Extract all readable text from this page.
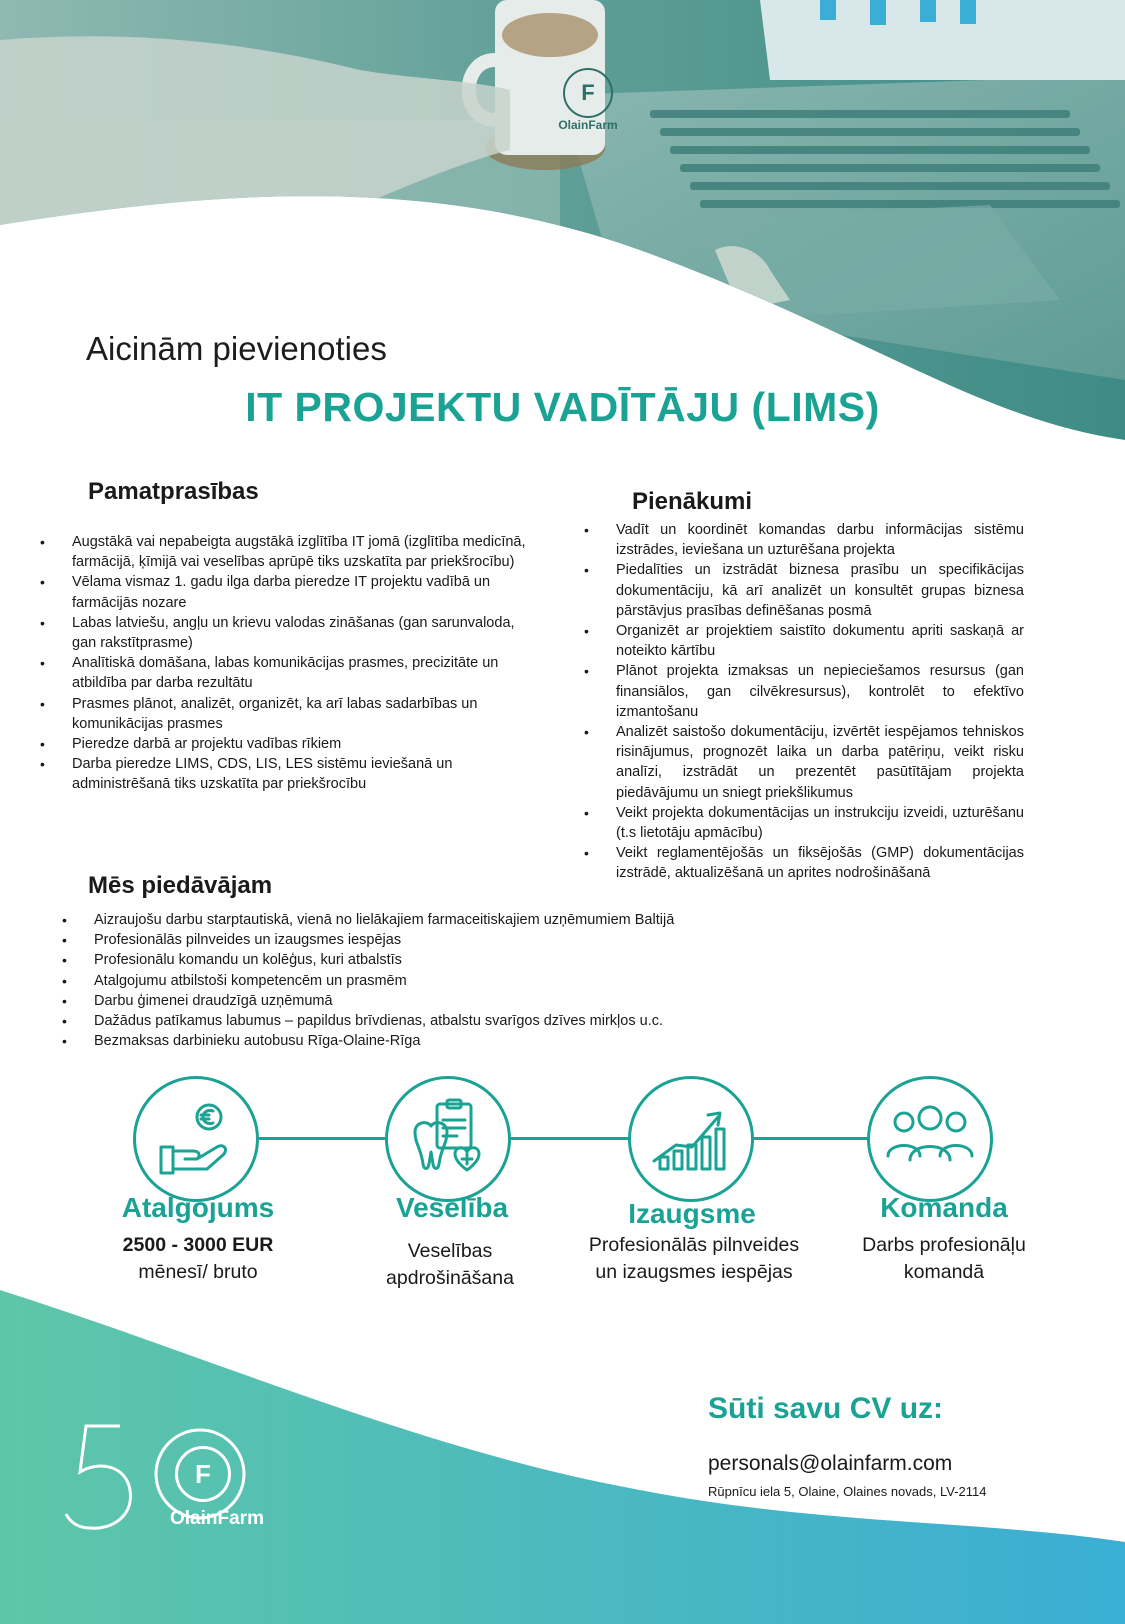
F
OlainFarm
Aicinām pievienoties
IT PROJEKTU VADĪTĀJU (LIMS)
Pamatprasības
• Augstākā vai nepabeigta augstākā izglītība IT jomā (izglītība medicīnā, farmācijā, ķīmijā vai veselības aprūpē tiks uzskatīta par priekšrocību)
• Vēlama vismaz 1. gadu ilga darba pieredze IT projektu vadībā un farmācijās nozare
• Labas latviešu, angļu un krievu valodas zināšanas (gan sarunvaloda, gan rakstītprasme)
• Analītiskā domāšana, labas komunikācijas prasmes, precizitāte un atbildība par darba rezultātu
• Prasmes plānot, analizēt, organizēt, ka arī labas sadarbības un komunikācijas prasmes
• Pieredze darbā ar projektu vadības rīkiem
• Darba pieredze LIMS, CDS, LIS, LES sistēmu ieviešanā un administrēšanā tiks uzskatīta par priekšrocību
Pienākumi
• Vadīt un koordinēt komandas darbu informācijas sistēmu izstrādes, ieviešana un uzturēšana projekta
• Piedalīties un izstrādāt biznesa prasību un specifikācijas dokumentāciju, kā arī analizēt un konsultēt grupas biznesa pārstāvjus prasības definēšanas posmā
• Organizēt ar projektiem saistīto dokumentu apriti saskaņā ar noteikto kārtību
• Plānot projekta izmaksas un nepieciešamos resursus (gan finansiālos, gan cilvēkresursus), kontrolēt to efektīvo izmantošanu
• Analizēt saistošo dokumentāciju, izvērtēt iespējamos tehniskos risinājumus, prognozēt laika un darba patēriņu, veikt risku analīzi, izstrādāt un prezentēt pasūtītājam projekta piedāvājumu un sniegt priekšlikumus
• Veikt projekta dokumentācijas un instrukciju izveidi, uzturēšanu (t.s lietotāju apmācību)
• Veikt reglamentējošās un fiksējošās (GMP) dokumentācijas izstrādē, aktualizēšanā un aprites nodrošināšanā
Mēs piedāvājam
• Aizraujošu darbu starptautiskā, vienā no lielākajiem farmaceitiskajiem uzņēmumiem Baltijā
• Profesionālās pilnveides un izaugsmes iespējas
• Profesionālu komandu un kolēģus, kuri atbalstīs
• Atalgojumu atbilstoši kompetencēm un prasmēm
• Darbu ģimenei draudzīgā uzņēmumā
• Dažādus patīkamus labumus – papildus brīvdienas, atbalstu svarīgos dzīves mirkļos u.c.
• Bezmaksas darbinieku autobusu Rīga-Olaine-Rīga
Atalgojums
2500 - 3000 EUR
mēnesī/ bruto
Veselība
Veselības
apdrošināšana
Izaugsme
Profesionālās pilnveides
un izaugsmes iespējas
Komanda
Darbs profesionāļu
komandā
F
OlainFarm
Sūti savu CV uz:
personals@olainfarm.com
Rūpnīcu iela 5, Olaine, Olaines novads, LV-2114
